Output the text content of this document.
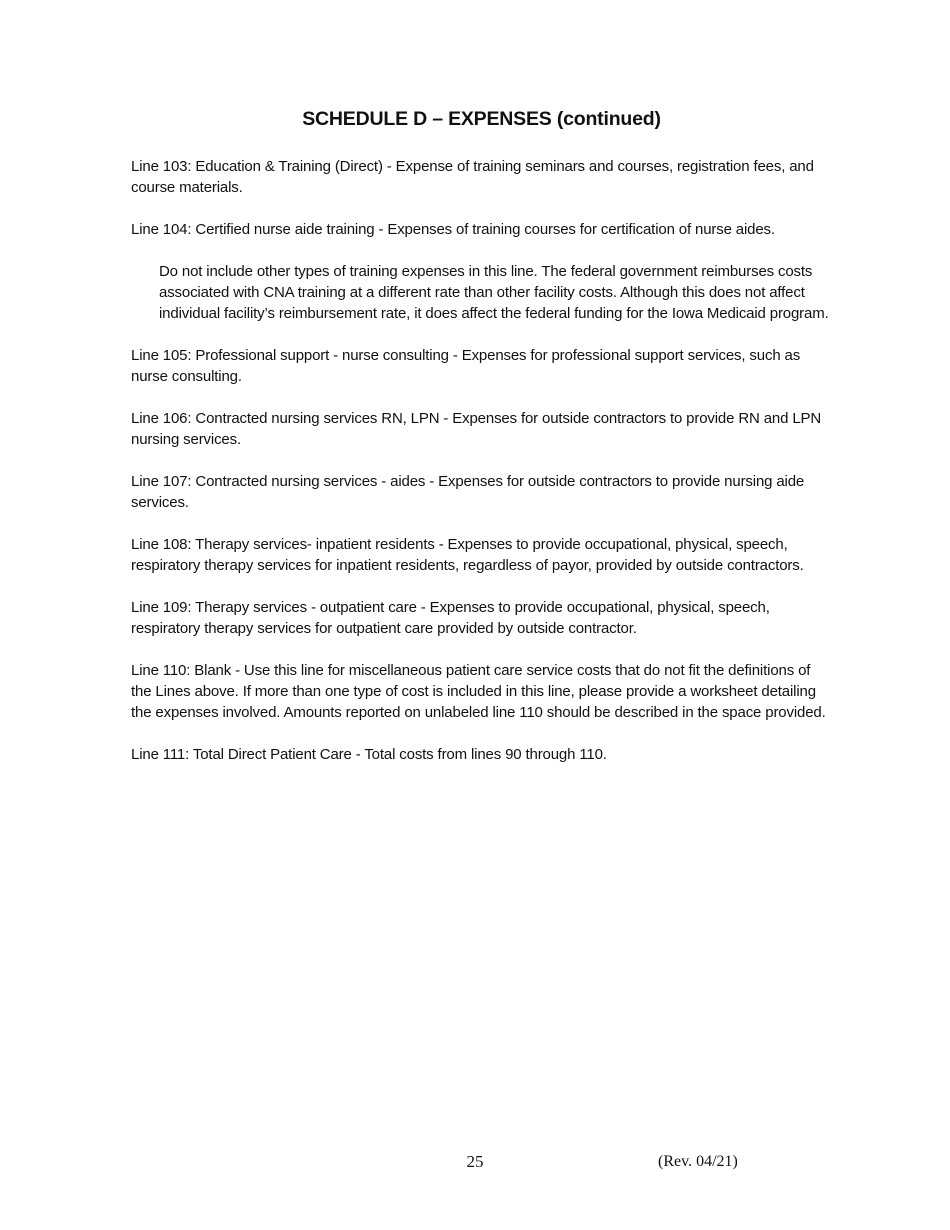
SCHEDULE D – EXPENSES (continued)

Line 103: Education & Training (Direct) - Expense of training seminars and courses, registration fees, and course materials.

Line 104: Certified nurse aide training - Expenses of training courses for certification of nurse aides.

Do not include other types of training expenses in this line. The federal government reimburses costs associated with CNA training at a different rate than other facility costs. Although this does not affect individual facility’s reimbursement rate, it does affect the federal funding for the Iowa Medicaid program.

Line 105: Professional support - nurse consulting - Expenses for professional support services, such as nurse consulting.

Line 106: Contracted nursing services RN, LPN - Expenses for outside contractors to provide RN and LPN nursing services.

Line 107: Contracted nursing services - aides - Expenses for outside contractors to provide nursing aide services.

Line 108: Therapy services- inpatient residents - Expenses to provide occupational, physical, speech, respiratory therapy services for inpatient residents, regardless of payor, provided by outside contractors.

Line 109: Therapy services - outpatient care - Expenses to provide occupational, physical, speech, respiratory therapy services for outpatient care provided by outside contractor.

Line 110: Blank - Use this line for miscellaneous patient care service costs that do not fit the definitions of the Lines above. If more than one type of cost is included in this line, please provide a worksheet detailing the expenses involved. Amounts reported on unlabeled line 110 should be described in the space provided.

Line 111: Total Direct Patient Care - Total costs from lines 90 through 110.

25	(Rev. 04/21)
